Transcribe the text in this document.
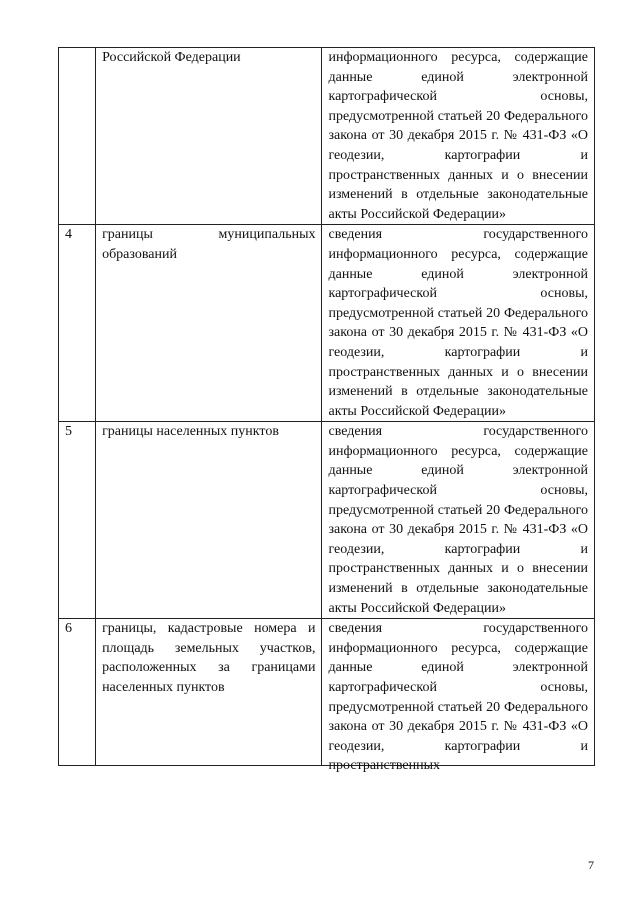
	Российской Федерации	информационного ресурса, содержащие данные единой электронной картографической основы, предусмотренной статьей 20 Федерального закона от 30 декабря 2015 г. № 431-ФЗ «О геодезии, картографии и пространственных данных и о внесении изменений в отдельные законодательные акты Российской Федерации»

4	границы муниципальных образований	сведения государственного информационного ресурса, содержащие данные единой электронной картографической основы, предусмотренной статьей 20 Федерального закона от 30 декабря 2015 г. № 431-ФЗ «О геодезии, картографии и пространственных данных и о внесении изменений в отдельные законодательные акты Российской Федерации»

5	границы населенных пунктов	сведения государственного информационного ресурса, содержащие данные единой электронной картографической основы, предусмотренной статьей 20 Федерального закона от 30 декабря 2015 г. № 431-ФЗ «О геодезии, картографии и пространственных данных и о внесении изменений в отдельные законодательные акты Российской Федерации»

6	границы, кадастровые номера и площадь земельных участков, расположенных за границами населенных пунктов	сведения государственного информационного ресурса, содержащие данные единой электронной картографической основы, предусмотренной статьей 20 Федерального закона от 30 декабря 2015 г. № 431-ФЗ «О геодезии, картографии и пространственных
7
